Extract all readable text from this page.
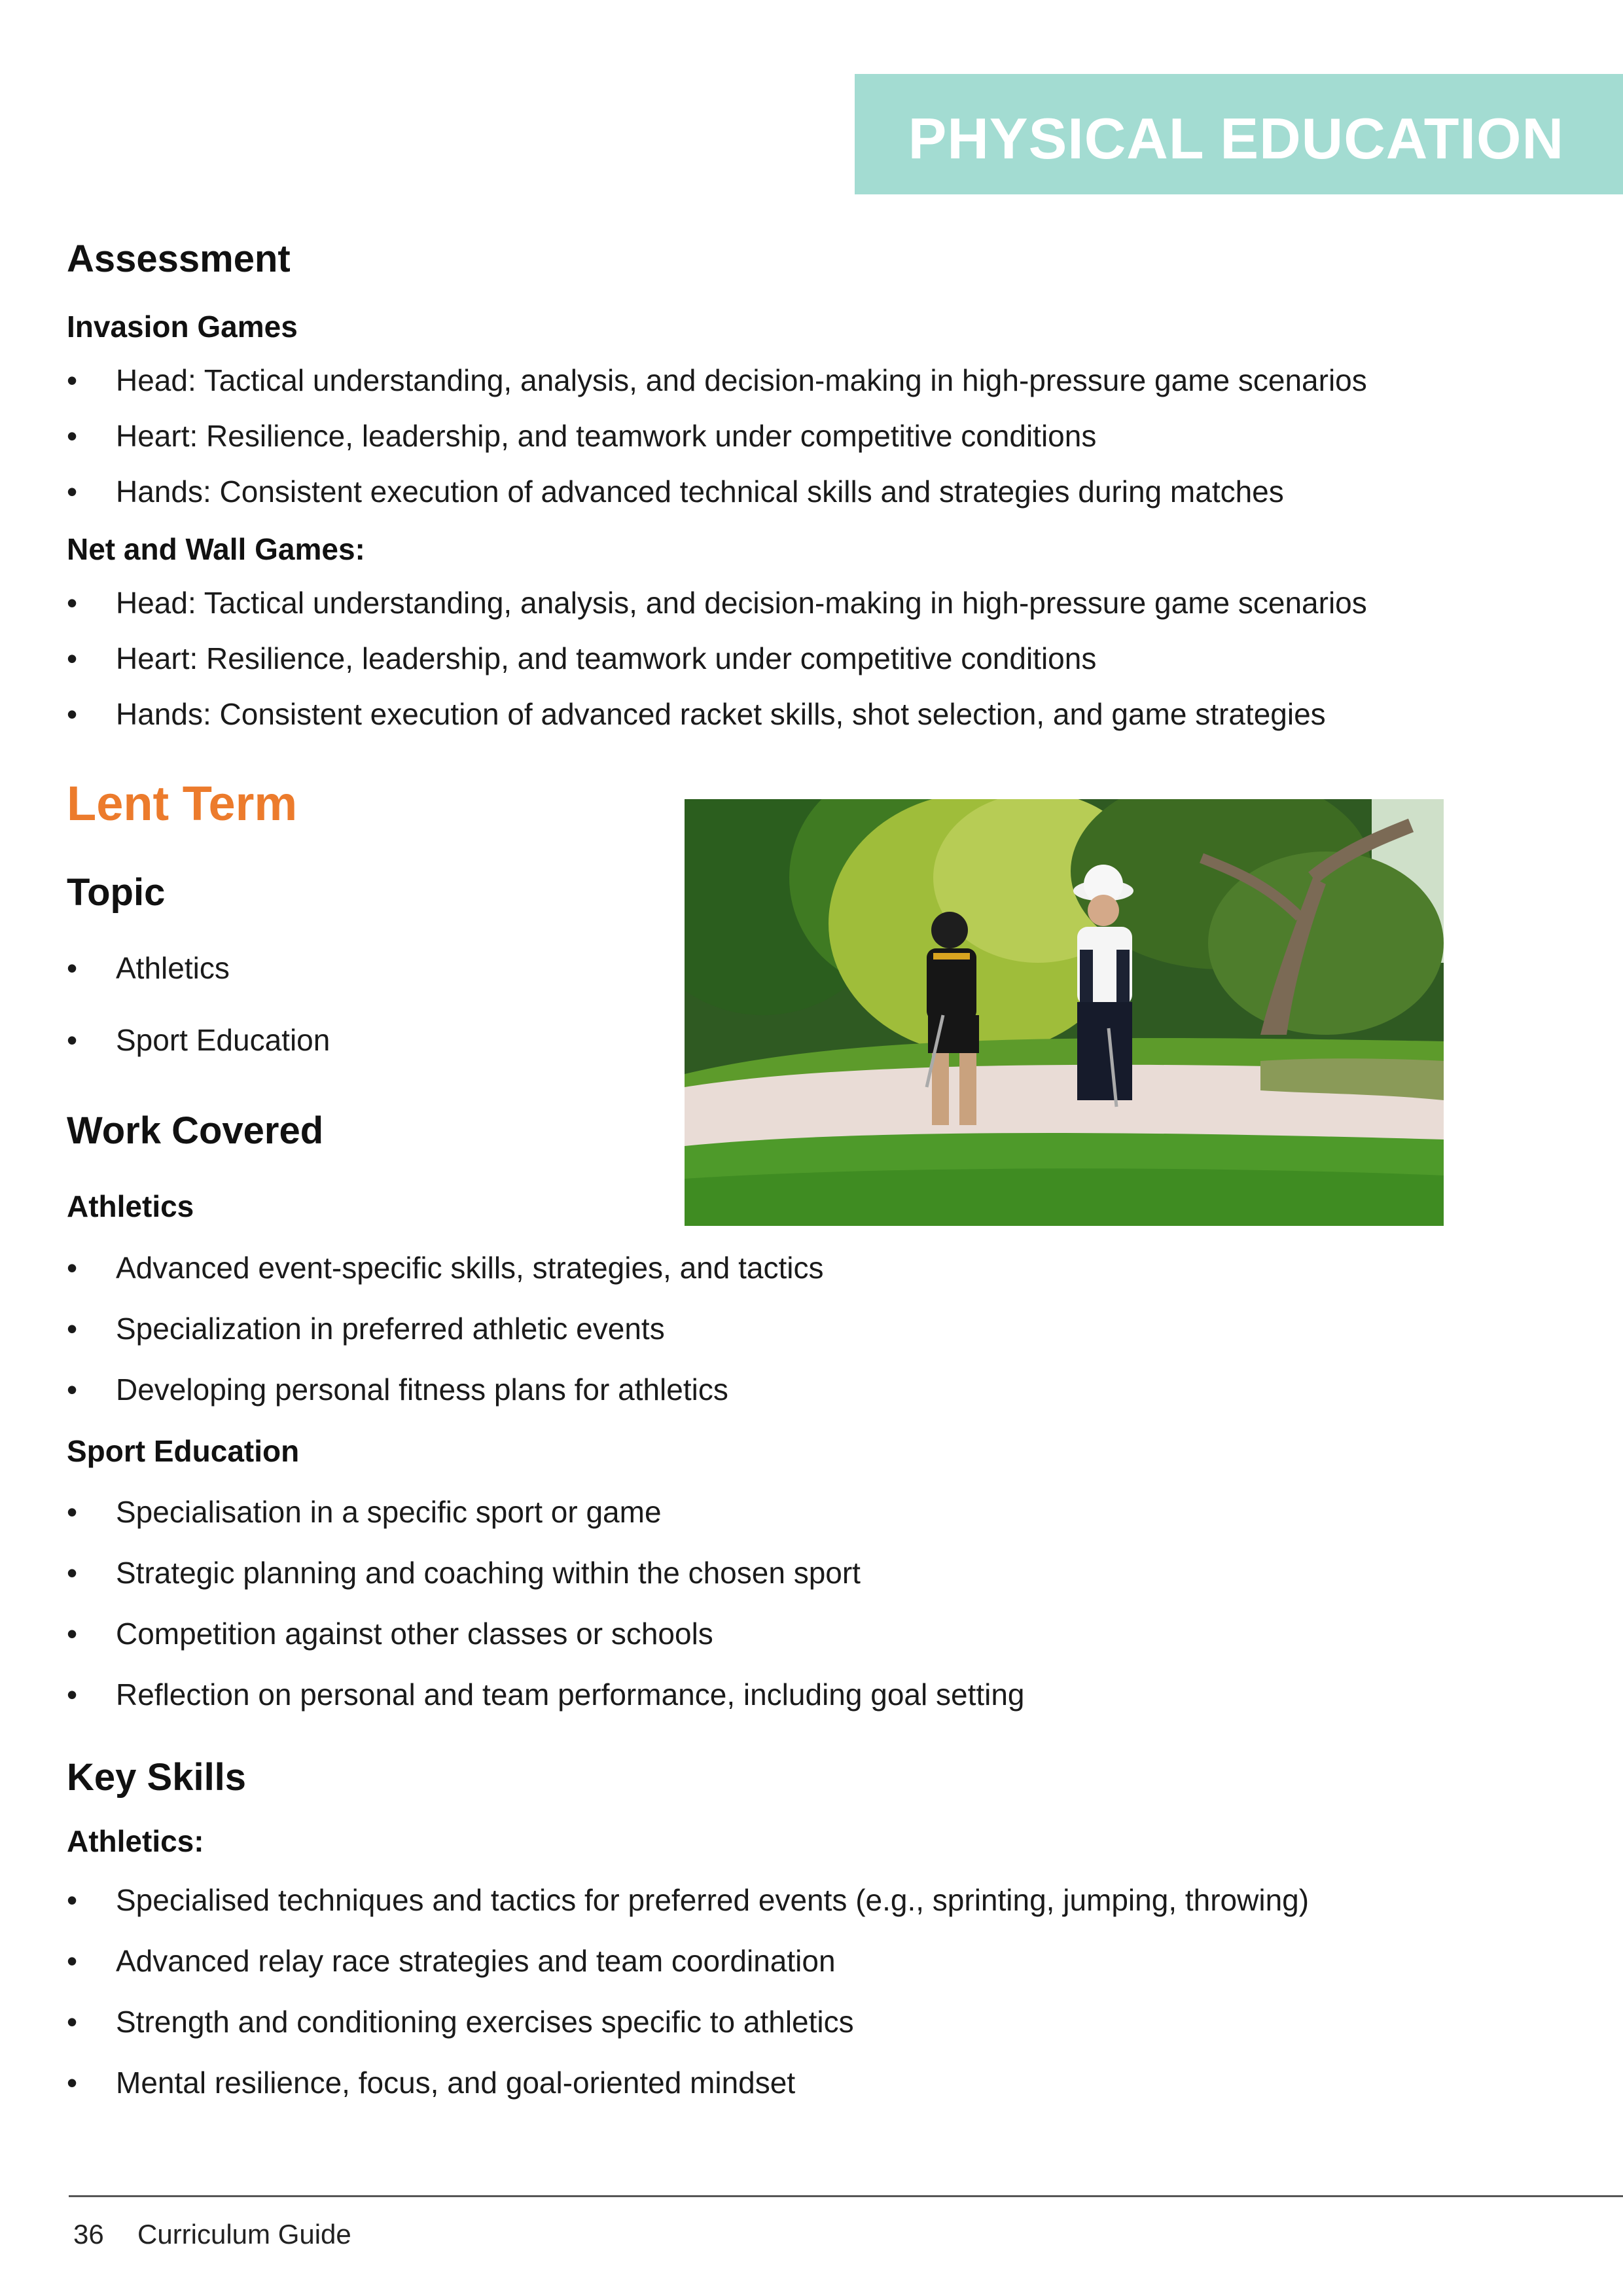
PHYSICAL EDUCATION
Assessment
Invasion Games
• Head: Tactical understanding, analysis, and decision-making in high-pressure game scenarios
• Heart: Resilience, leadership, and teamwork under competitive conditions
• Hands: Consistent execution of advanced technical skills and strategies during matches
Net and Wall Games:
• Head: Tactical understanding, analysis, and decision-making in high-pressure game scenarios
• Heart: Resilience, leadership, and teamwork under competitive conditions
• Hands: Consistent execution of advanced racket skills, shot selection, and game strategies
Lent Term
Topic
• Athletics
• Sport Education
Work Covered
Athletics
• Advanced event-specific skills, strategies, and tactics
• Specialization in preferred athletic events
• Developing personal fitness plans for athletics
Sport Education
• Specialisation in a specific sport or game
• Strategic planning and coaching within the chosen sport
• Competition against other classes or schools
• Reflection on personal and team performance, including goal setting
Key Skills
Athletics:
• Specialised techniques and tactics for preferred events (e.g., sprinting, jumping, throwing)
• Advanced relay race strategies and team coordination
• Strength and conditioning exercises specific to athletics
• Mental resilience, focus, and goal-oriented mindset
36 Curriculum Guide
